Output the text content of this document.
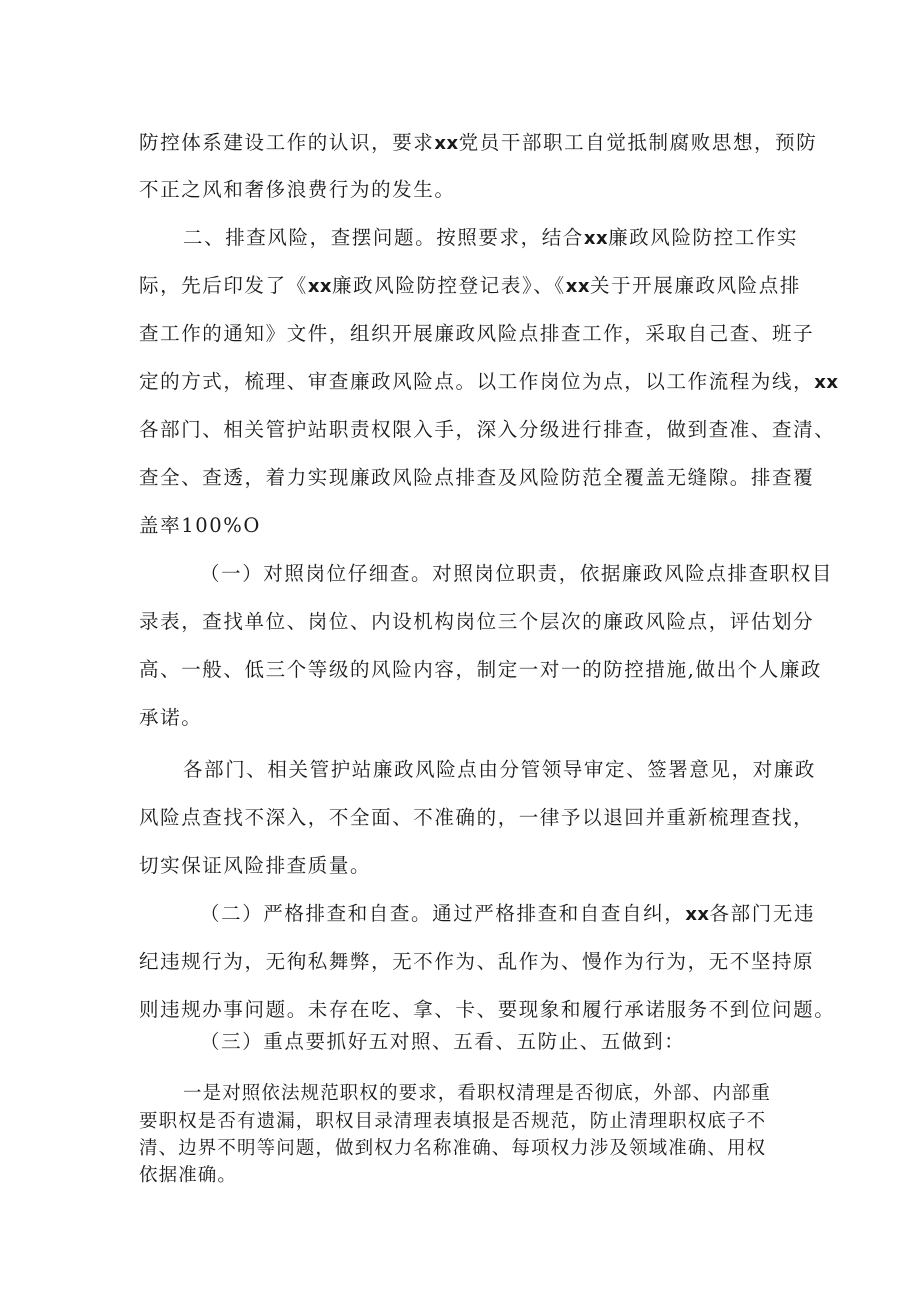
防控体系建设工作的认识，要求xx党员干部职工自觉抵制腐败思想，预防
不正之风和奢侈浪费行为的发生。
二、排查风险，查摆问题。按照要求，结合xx廉政风险防控工作实
际，先后印发了《xx廉政风险防控登记表》、《xx关于开展廉政风险点排
查工作的通知》文件，组织开展廉政风险点排查工作，采取自己查、班子
定的方式，梳理、审查廉政风险点。以工作岗位为点，以工作流程为线，xx
各部门、相关管护站职责权限入手，深入分级进行排查，做到查准、查清、
查全、查透，着力实现廉政风险点排查及风险防范全覆盖无缝隙。排查覆
盖率100%O
（一）对照岗位仔细查。对照岗位职责，依据廉政风险点排查职权目
录表，查找单位、岗位、内设机构岗位三个层次的廉政风险点，评估划分
高、一般、低三个等级的风险内容，制定一对一的防控措施,做出个人廉政
承诺。
各部门、相关管护站廉政风险点由分管领导审定、签署意见，对廉政
风险点查找不深入，不全面、不准确的，一律予以退回并重新梳理查找，
切实保证风险排查质量。
（二）严格排查和自查。通过严格排查和自查自纠，xx各部门无违
纪违规行为，无徇私舞弊，无不作为、乱作为、慢作为行为，无不坚持原
则违规办事问题。未存在吃、拿、卡、要现象和履行承诺服务不到位问题。
（三）重点要抓好五对照、五看、五防止、五做到：
一是对照依法规范职权的要求，看职权清理是否彻底，外部、内部重
要职权是否有遗漏，职权目录清理表填报是否规范，防止清理职权底子不
清、边界不明等问题，做到权力名称准确、每项权力涉及领域准确、用权
依据准确。
